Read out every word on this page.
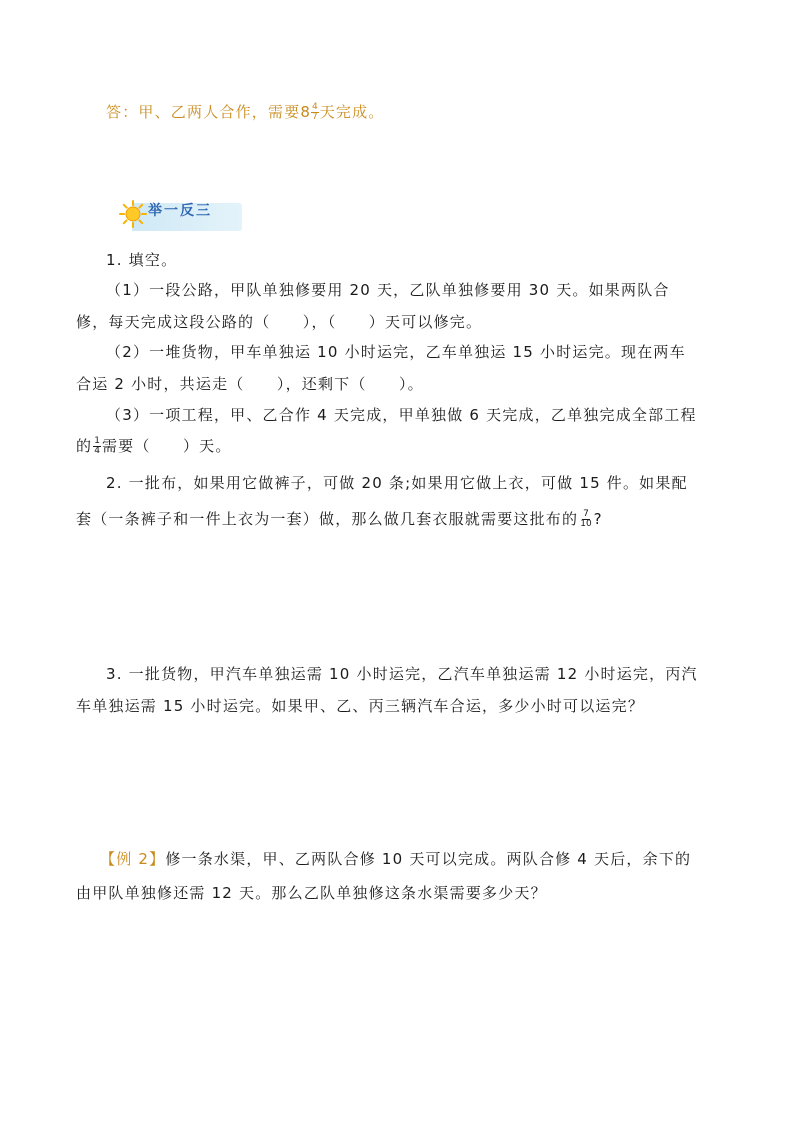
答：甲、乙两人合作，需要$8 \frac{4}{7}$ 天完成。
举一反三
1. 填空。
（1）一段公路，甲队单独修要用 20 天，乙队单独修要用 30 天。如果两队合
修，每天完成这段公路的（　　），（　　）天可以修完。
（2）一堆货物，甲车单独运 10 小时运完，乙车单独运 15 小时运完。现在两车
合运 2 小时，共运走（　　），还剩下（　　）。
（3）一项工程，甲、乙合作 4 天完成，甲单独做 6 天完成，乙单独完成全部工程
的 $\frac{1}{4}$ 需要（　　）天。
2. 一批布，如果用它做裤子，可做 20 条;如果用它做上衣，可做 15 件。如果配
套（一条裤子和一件上衣为一套）做，那么做几套衣服就需要这批布的 $\frac{7}{10}$ ?
3. 一批货物，甲汽车单独运需 10 小时运完，乙汽车单独运需 12 小时运完，丙汽
车单独运需 15 小时运完。如果甲、乙、丙三辆汽车合运，多少小时可以运完？
【例 2】修一条水渠，甲、乙两队合修 10 天可以完成。两队合修 4 天后，余下的
由甲队单独修还需 12 天。那么乙队单独修这条水渠需要多少天？
